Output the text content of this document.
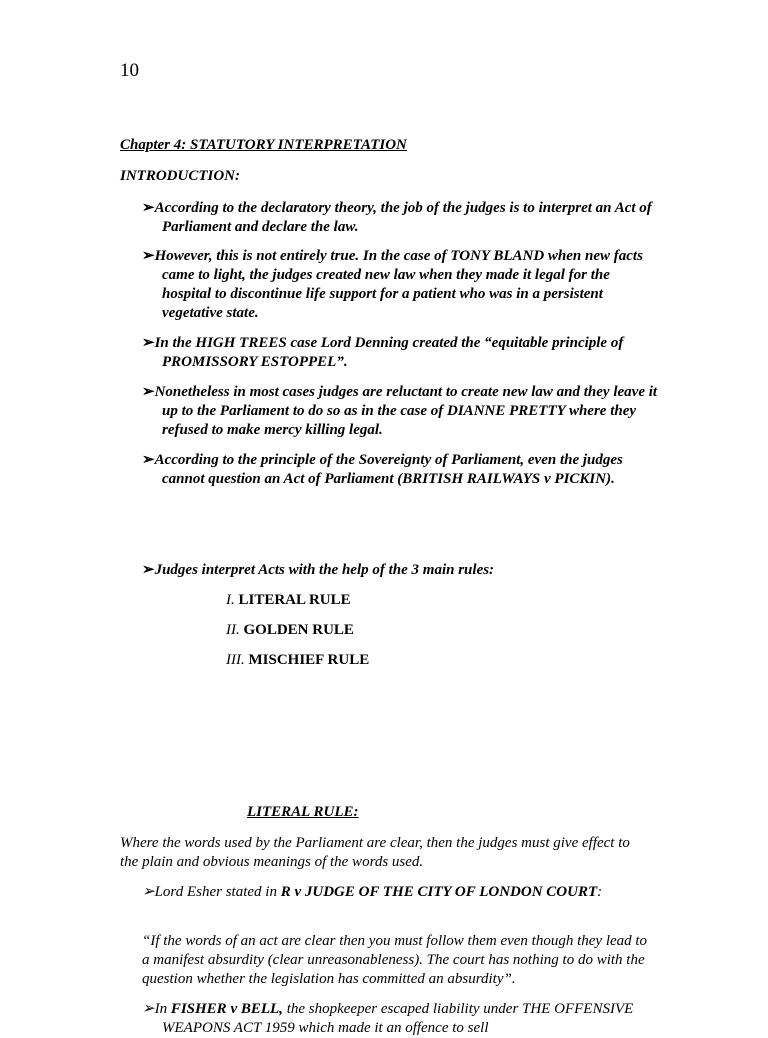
10
Chapter 4: STATUTORY INTERPRETATION
INTRODUCTION:
➢According to the declaratory theory, the job of the judges is to interpret an Act of Parliament and declare the law.
➢However, this is not entirely true. In the case of TONY BLAND when new facts came to light, the judges created new law when they made it legal for the hospital to discontinue life support for a patient who was in a persistent vegetative state.
➢In the HIGH TREES case Lord Denning created the “equitable principle of PROMISSORY ESTOPPEL”.
➢Nonetheless in most cases judges are reluctant to create new law and they leave it up to the Parliament to do so as in the case of DIANNE PRETTY where they refused to make mercy killing legal.
➢According to the principle of the Sovereignty of Parliament, even the judges cannot question an Act of Parliament (BRITISH RAILWAYS v PICKIN).
➢Judges interpret Acts with the help of the 3 main rules:
I. LITERAL RULE
II. GOLDEN RULE
III. MISCHIEF RULE
LITERAL RULE:
Where the words used by the Parliament are clear, then the judges must give effect to the plain and obvious meanings of the words used.
➢Lord Esher stated in R v JUDGE OF THE CITY OF LONDON COURT:
“If the words of an act are clear then you must follow them even though they lead to a manifest absurdity (clear unreasonableness). The court has nothing to do with the question whether the legislation has committed an absurdity”.
➢In FISHER v BELL, the shopkeeper escaped liability under THE OFFENSIVE WEAPONS ACT 1959 which made it an offence to sell
